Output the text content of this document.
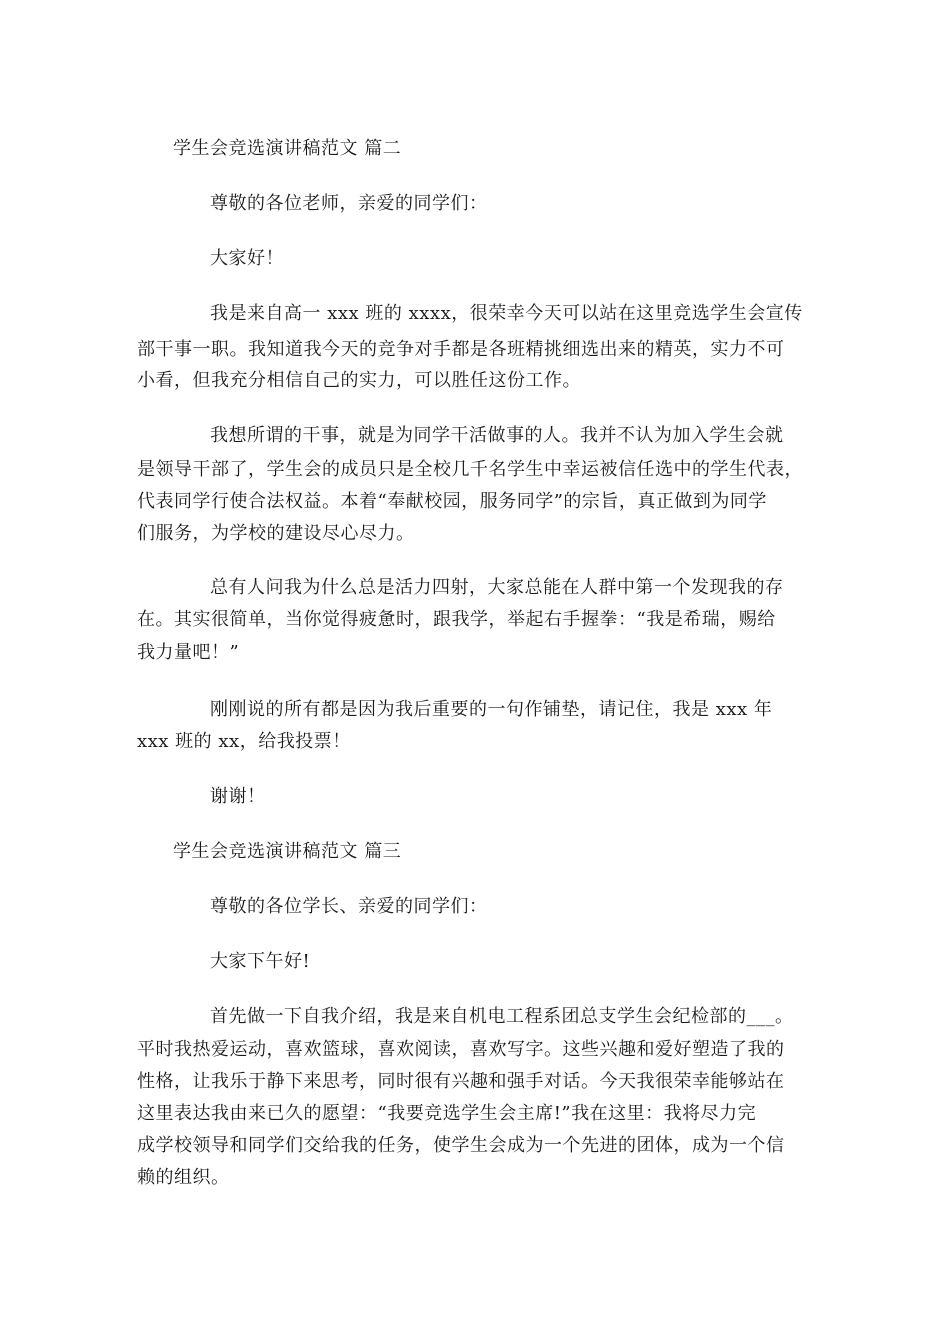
学生会竞选演讲稿范文 篇二

尊敬的各位老师，亲爱的同学们：

大家好！

我是来自高一 xxx 班的 xxxx，很荣幸今天可以站在这里竞选学生会宣传

部干事一职。我知道我今天的竞争对手都是各班精挑细选出来的精英，实力不可

小看，但我充分相信自己的实力，可以胜任这份工作。

我想所谓的干事，就是为同学干活做事的人。我并不认为加入学生会就

是领导干部了，学生会的成员只是全校几千名学生中幸运被信任选中的学生代表，

代表同学行使合法权益。本着“奉献校园，服务同学”的宗旨，真正做到为同学

们服务，为学校的建设尽心尽力。

总有人问我为什么总是活力四射，大家总能在人群中第一个发现我的存

在。其实很简单，当你觉得疲惫时，跟我学，举起右手握拳：“我是希瑞，赐给

我力量吧！”

刚刚说的所有都是因为我后重要的一句作铺垫，请记住，我是 xxx 年

xxx 班的 xx，给我投票！

谢谢！

学生会竞选演讲稿范文 篇三

尊敬的各位学长、亲爱的同学们：

大家下午好!

首先做一下自我介绍，我是来自机电工程系团总支学生会纪检部的___。

平时我热爱运动，喜欢篮球，喜欢阅读，喜欢写字。这些兴趣和爱好塑造了我的

性格，让我乐于静下来思考，同时很有兴趣和强手对话。今天我很荣幸能够站在

这里表达我由来已久的愿望：“我要竞选学生会主席!”我在这里：我将尽力完

成学校领导和同学们交给我的任务，使学生会成为一个先进的团体，成为一个信

赖的组织。
